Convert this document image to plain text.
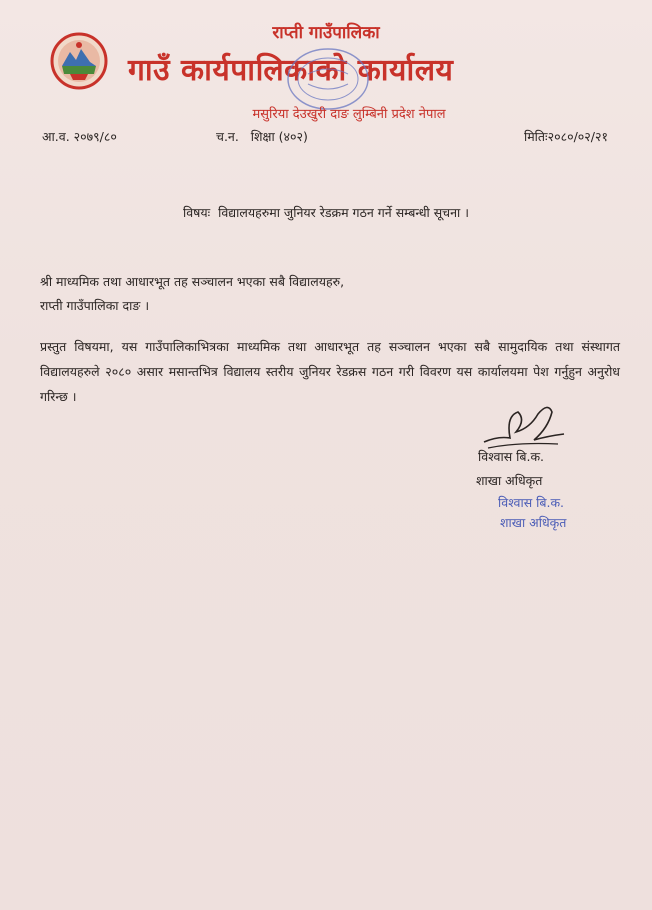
राप्ती गाउँपालिका
गाउँ कार्यपालिकाको कार्यालय
मसुरिया देउखुरी दाङ लुम्बिनी प्रदेश नेपाल
आ.व. २०७९/८०	च.न.   शिक्षा (४०२)	मितिः२०८०/०२/२१
विषयः  विद्यालयहरुमा जुनियर रेडक्रम गठन गर्ने सम्बन्धी सूचना ।
श्री माध्यमिक तथा आधारभूत तह सञ्चालन भएका सबै विद्यालयहरु,
राप्ती गाउँपालिका दाङ ।
प्रस्तुत विषयमा, यस गाउँपालिकाभित्रका माध्यमिक तथा आधारभूत तह सञ्चालन भएका सबै सामुदायिक तथा संस्थागत विद्यालयहरुले २०८० असार मसान्तभित्र विद्यालय स्तरीय जुनियर रेडक्रस गठन गरी विवरण यस कार्यालयमा पेश गर्नुहुन अनुरोध गरिन्छ ।
विश्वास बि.क.
शाखा अधिकृत
विश्वास बि.क.
शाखा अधिकृत
